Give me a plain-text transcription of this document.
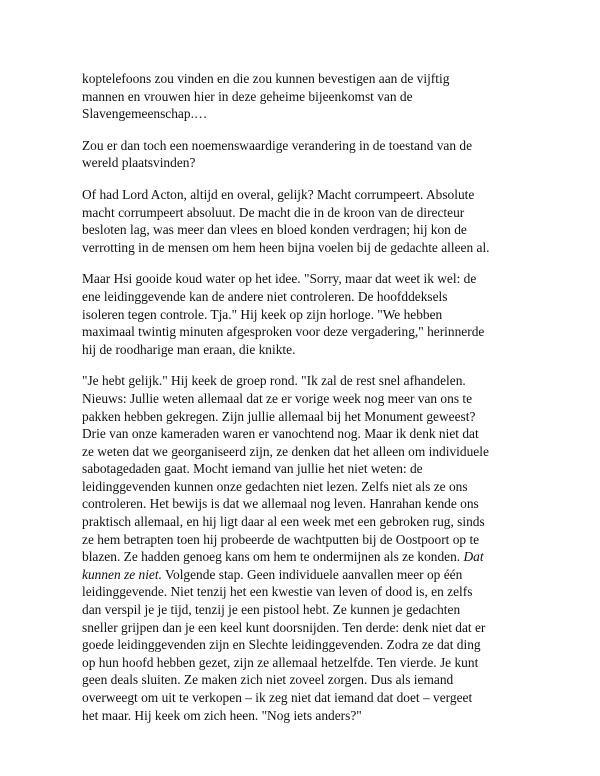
koptelefoons zou vinden en die zou kunnen bevestigen aan de vijftig
mannen en vrouwen hier in deze geheime bijeenkomst van de
Slavengemeenschap.…

Zou er dan toch een noemenswaardige verandering in de toestand van de
wereld plaatsvinden?

Of had Lord Acton, altijd en overal, gelijk? Macht corrumpeert. Absolute
macht corrumpeert absoluut. De macht die in de kroon van de directeur
besloten lag, was meer dan vlees en bloed konden verdragen; hij kon de
verrotting in de mensen om hem heen bijna voelen bij de gedachte alleen al.

Maar Hsi gooide koud water op het idee. "Sorry, maar dat weet ik wel: de
ene leidinggevende kan de andere niet controleren. De hoofddeksels
isoleren tegen controle. Tja." Hij keek op zijn horloge. "We hebben
maximaal twintig minuten afgesproken voor deze vergadering," herinnerde
hij de roodharige man eraan, die knikte.

"Je hebt gelijk." Hij keek de groep rond. "Ik zal de rest snel afhandelen.
Nieuws: Jullie weten allemaal dat ze er vorige week nog meer van ons te
pakken hebben gekregen. Zijn jullie allemaal bij het Monument geweest?
Drie van onze kameraden waren er vanochtend nog. Maar ik denk niet dat
ze weten dat we georganiseerd zijn, ze denken dat het alleen om individuele
sabotagedaden gaat. Mocht iemand van jullie het niet weten: de
leidinggevenden kunnen onze gedachten niet lezen. Zelfs niet als ze ons
controleren. Het bewijs is dat we allemaal nog leven. Hanrahan kende ons
praktisch allemaal, en hij ligt daar al een week met een gebroken rug, sinds
ze hem betrapten toen hij probeerde de wachtputten bij de Oostpoort op te
blazen. Ze hadden genoeg kans om hem te ondermijnen als ze konden. Dat
kunnen ze niet. Volgende stap. Geen individuele aanvallen meer op één
leidinggevende. Niet tenzij het een kwestie van leven of dood is, en zelfs
dan verspil je je tijd, tenzij je een pistool hebt. Ze kunnen je gedachten
sneller grijpen dan je een keel kunt doorsnijden. Ten derde: denk niet dat er
goede leidinggevenden zijn en Slechte leidinggevenden. Zodra ze dat ding
op hun hoofd hebben gezet, zijn ze allemaal hetzelfde. Ten vierde. Je kunt
geen deals sluiten. Ze maken zich niet zoveel zorgen. Dus als iemand
overweegt om uit te verkopen – ik zeg niet dat iemand dat doet – vergeet
het maar. Hij keek om zich heen. "Nog iets anders?"
